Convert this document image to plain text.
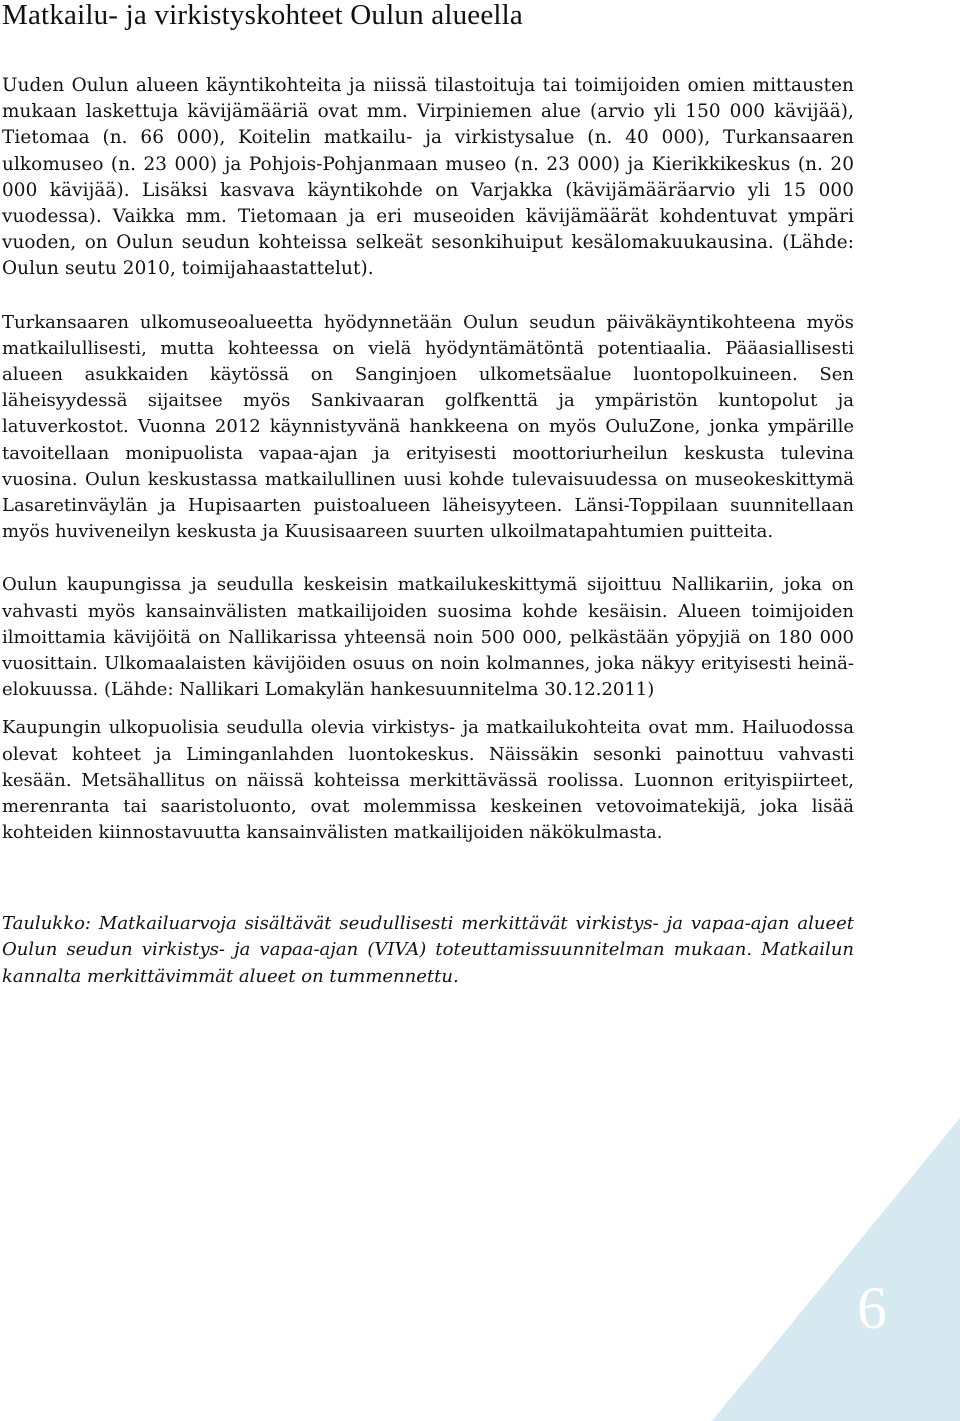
Matkailu- ja virkistyskohteet Oulun alueella

Uuden Oulun alueen käyntikohteita ja niissä tilastoituja tai toimijoiden omien mittausten mukaan laskettuja kävijämääriä ovat mm. Virpiniemen alue (arvio yli 150 000 kävijää), Tietomaa (n. 66 000), Koitelin matkailu- ja virkistysalue (n. 40 000), Turkansaaren ulkomuseo (n. 23 000) ja Pohjois-Pohjanmaan museo (n. 23 000) ja Kierikkikeskus (n. 20 000 kävijää). Lisäksi kasvava käyntikohde on Varjakka (kävijämääräarvio yli 15 000 vuodessa). Vaikka mm. Tietomaan ja eri museoiden kävijämäärät kohdentuvat ympäri vuoden, on Oulun seudun kohteissa selkeät sesonkihuiput kesälomakuukausina. (Lähde: Oulun seutu 2010, toimijahaastattelut).

Turkansaaren ulkomuseoalueetta hyödynnetään Oulun seudun päiväkäyntikohteena myös matkailullisesti, mutta kohteessa on vielä hyödyntämätöntä potentiaalia. Pääasiallisesti alueen asukkaiden käytössä on Sanginjoen ulkometsäalue luontopolkuineen. Sen läheisyydessä sijaitsee myös Sankivaaran golfkenttä ja ympäristön kuntopolut ja latuverkostot. Vuonna 2012 käynnistyvänä hankkeena on myös OuluZone, jonka ympärille tavoitellaan monipuolista vapaa-ajan ja erityisesti moottoriurheilun keskusta tulevina vuosina. Oulun keskustassa matkailullinen uusi kohde tulevaisuudessa on museokeskittymä Lasaretinväylän ja Hupisaarten puistoalueen läheisyyteen. Länsi-Toppilaan suunnitellaan myös huviveneilyn keskusta ja Kuusisaareen suurten ulkoilmatapahtumien puitteita.

Oulun kaupungissa ja seudulla keskeisin matkailukeskittymä sijoittuu Nallikariin, joka on vahvasti myös kansainvälisten matkailijoiden suosima kohde kesäisin. Alueen toimijoiden ilmoittamia kävijöitä on Nallikarissa yhteensä noin 500 000, pelkästään yöpyjiä on 180 000 vuosittain. Ulkomaalaisten kävijöiden osuus on noin kolmannes, joka näkyy erityisesti heinä-elokuussa. (Lähde: Nallikari Lomakylän hankesuunnitelma 30.12.2011)

Kaupungin ulkopuolisia seudulla olevia virkistys- ja matkailukohteita ovat mm. Hailuodossa olevat kohteet ja Liminganlahden luontokeskus. Näissäkin sesonki painottuu vahvasti kesään. Metsähallitus on näissä kohteissa merkittävässä roolissa. Luonnon erityispiirteet, merenranta tai saaristoluonto, ovat molemmissa keskeinen vetovoimatekijä, joka lisää kohteiden kiinnostavuutta kansainvälisten matkailijoiden näkökulmasta.

Taulukko: Matkailuarvoja sisältävät seudullisesti merkittävät virkistys- ja vapaa-ajan alueet Oulun seudun virkistys- ja vapaa-ajan (VIVA) toteuttamissuunnitelman mukaan. Matkailun kannalta merkittävimmät alueet on tummennettu.

6
